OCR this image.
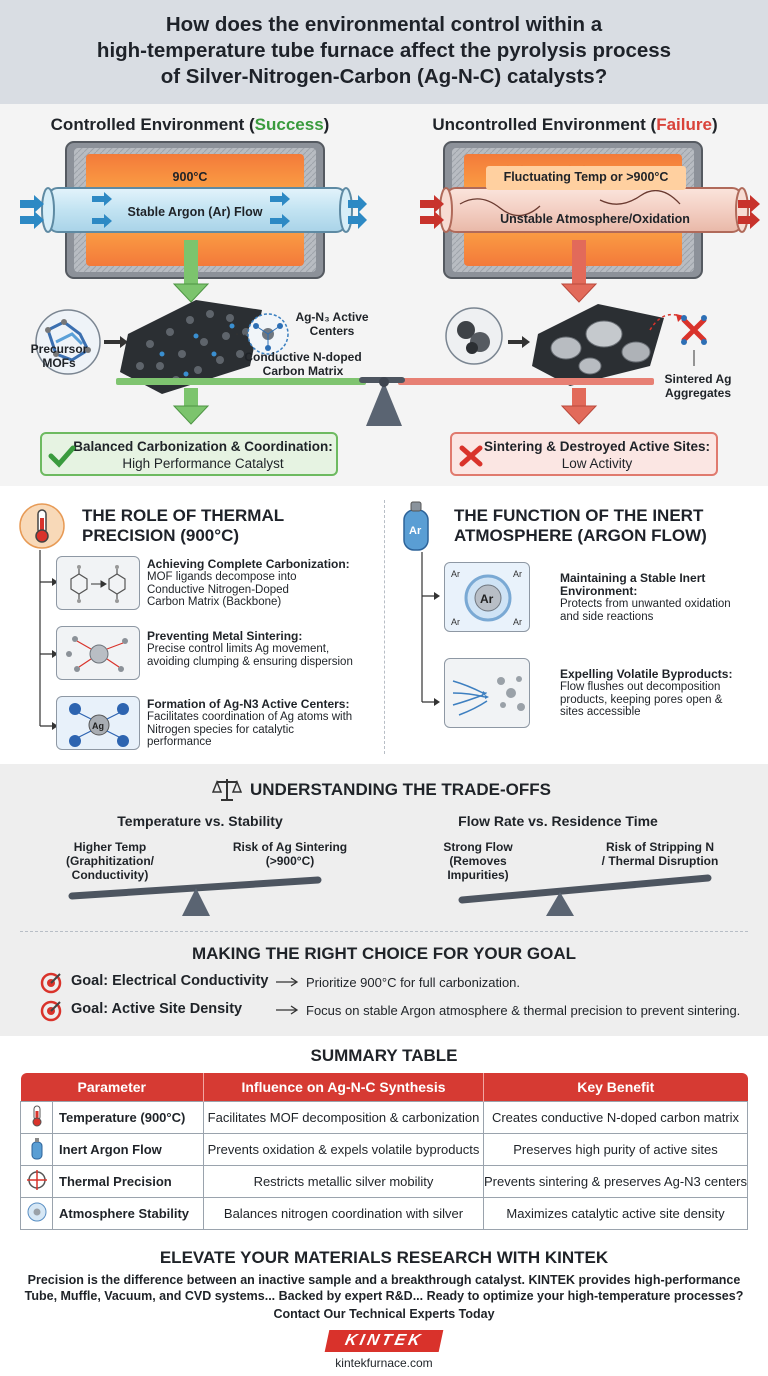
How does the environmental control within a
high-temperature tube furnace affect the pyrolysis process
of Silver-Nitrogen-Carbon (Ag-N-C) catalysts?
Controlled Environment (Success)	Uncontrolled Environment (Failure)
900°C
Stable Argon (Ar) Flow
Fluctuating Temp or >900°C
Unstable Atmosphere/Oxidation
Precursor
MOFs
Ag-N₃ Active
Centers
Conductive N-doped
Carbon Matrix
Sintered Ag
Aggregates
Balanced Carbonization & Coordination:
High Performance Catalyst
Sintering & Destroyed Active Sites:
Low Activity
THE ROLE OF THERMAL
PRECISION (900°C)
Achieving Complete Carbonization:
MOF ligands decompose into
Conductive Nitrogen-Doped
Carbon Matrix (Backbone)
Preventing Metal Sintering:
Precise control limits Ag movement,
avoiding clumping & ensuring dispersion
Ag
Formation of Ag-N3 Active Centers:
Facilitates coordination of Ag atoms with
Nitrogen species for catalytic
performance
Ar
THE FUNCTION OF THE INERT
ATMOSPHERE (ARGON FLOW)
Ar
Ar	Ar
Ar	Ar
Maintaining a Stable Inert
Environment:
Protects from unwanted oxidation
and side reactions
Expelling Volatile Byproducts:
Flow flushes out decomposition
products, keeping pores open &
sites accessible
UNDERSTANDING THE TRADE-OFFS
Temperature vs. Stability	Flow Rate vs. Residence Time
Higher Temp
(Graphitization/
Conductivity)
Risk of Ag Sintering
(>900°C)
Strong Flow
(Removes
Impurities)
Risk of Stripping N
/ Thermal Disruption
MAKING THE RIGHT CHOICE FOR YOUR GOAL
Goal: Electrical Conductivity	Prioritize 900°C for full carbonization.
Goal: Active Site Density	Focus on stable Argon atmosphere & thermal precision to prevent sintering.
SUMMARY TABLE
Parameter		Influence on Ag-N-C Synthesis	Key Benefit
	Temperature (900°C)	Facilitates MOF decomposition & carbonization	Creates conductive N-doped carbon matrix
	Inert Argon Flow	Prevents oxidation & expels volatile byproducts	Preserves high purity of active sites
	Thermal Precision	Restricts metallic silver mobility	Prevents sintering & preserves Ag-N3 centers
	Atmosphere Stability	Balances nitrogen coordination with silver	Maximizes catalytic active site density
ELEVATE YOUR MATERIALS RESEARCH WITH KINTEK
Precision is the difference between an inactive sample and a breakthrough catalyst. KINTEK provides high-performance Tube, Muffle, Vacuum, and CVD systems... Backed by expert R&D... Ready to optimize your high-temperature processes?
Contact Our Technical Experts Today
KINTEK
kintekfurnace.com
